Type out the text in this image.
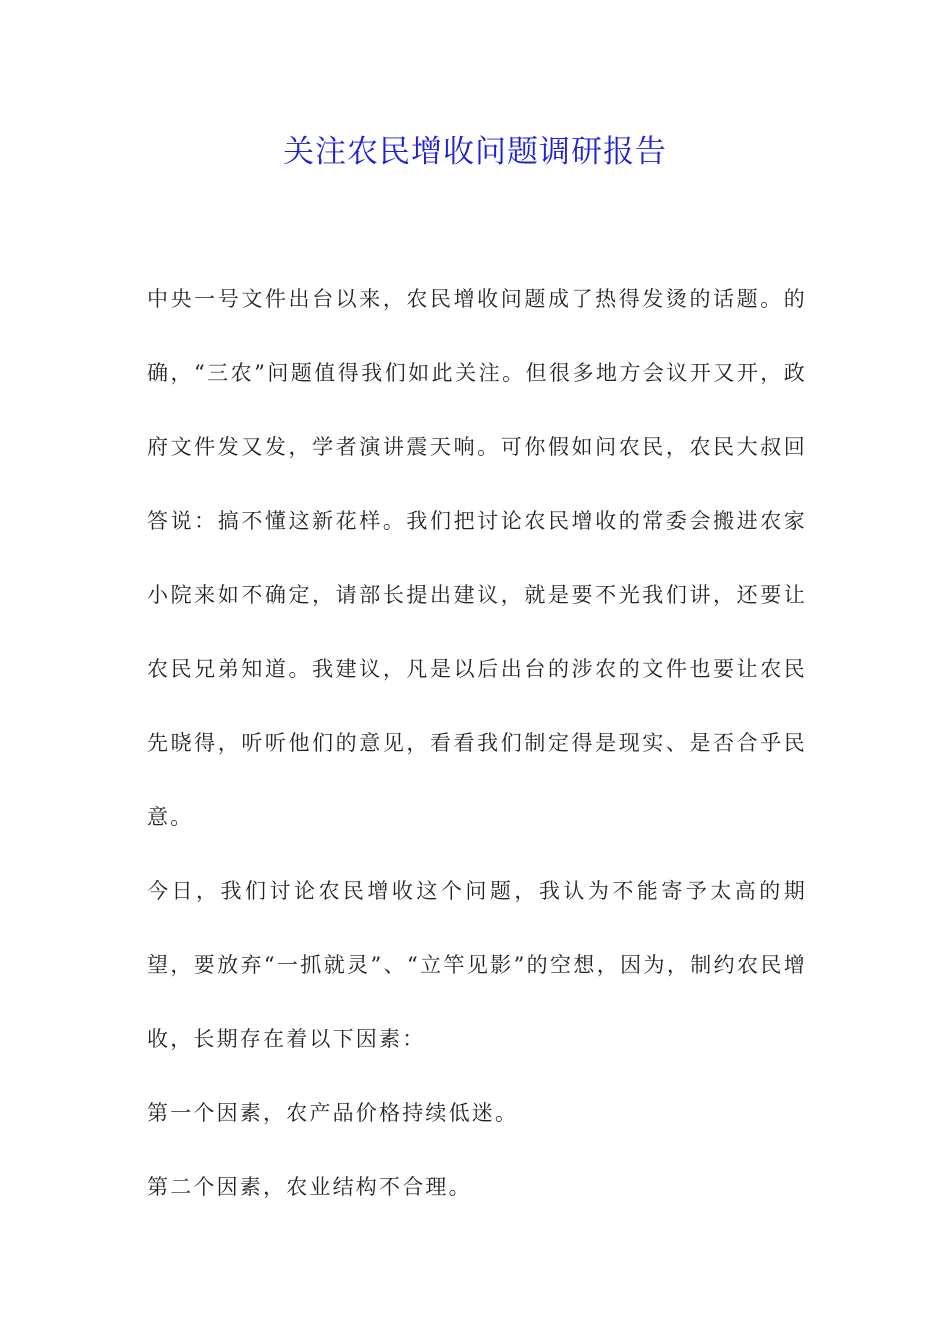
关注农民增收问题调研报告

中央一号文件出台以来，农民增收问题成了热得发烫的话题。的确，“三农”问题值得我们如此关注。但很多地方会议开又开，政府文件发又发，学者演讲震天响。可你假如问农民，农民大叔回答说：搞不懂这新花样。我们把讨论农民增收的常委会搬进农家小院来如不确定，请部长提出建议，就是要不光我们讲，还要让农民兄弟知道。我建议，凡是以后出台的涉农的文件也要让农民先晓得，听听他们的意见，看看我们制定得是现实、是否合乎民意。

今日，我们讨论农民增收这个问题，我认为不能寄予太高的期望，要放弃“一抓就灵”、“立竿见影”的空想，因为，制约农民增收，长期存在着以下因素：

第一个因素，农产品价格持续低迷。

第二个因素，农业结构不合理。
